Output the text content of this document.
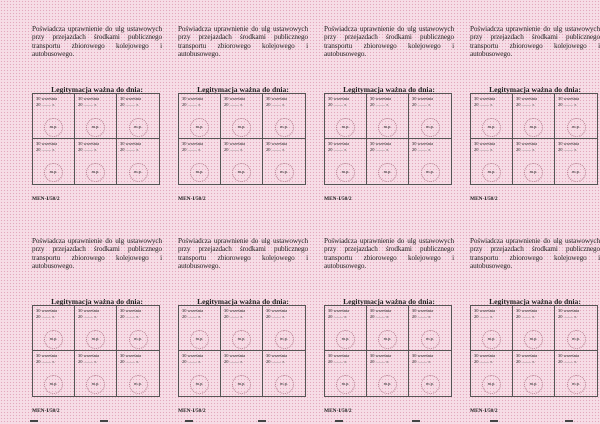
Poświadcza uprawnienie do ulg ustawowych przy przejazdach środkami publicznego transportu zbiorowego kolejowego i autobusowego.
Legitymacja ważna do dnia:
30 września
20 ......... r.
m.p.
30 września
20 ......... r.
m.p.
30 września
20 ......... r.
m.p.
30 września
20 ......... r.
m.p.
30 września
20 ......... r.
m.p.
30 września
20 ......... r.
m.p.
MEN-I/50/2
Poświadcza uprawnienie do ulg ustawowych przy przejazdach środkami publicznego transportu zbiorowego kolejowego i autobusowego.
Legitymacja ważna do dnia:
30 września
20 ......... r.
m.p.
30 września
20 ......... r.
m.p.
30 września
20 ......... r.
m.p.
30 września
20 ......... r.
m.p.
30 września
20 ......... r.
m.p.
30 września
20 ......... r.
m.p.
MEN-I/50/2
Poświadcza uprawnienie do ulg ustawowych przy przejazdach środkami publicznego transportu zbiorowego kolejowego i autobusowego.
Legitymacja ważna do dnia:
30 września
20 ......... r.
m.p.
30 września
20 ......... r.
m.p.
30 września
20 ......... r.
m.p.
30 września
20 ......... r.
m.p.
30 września
20 ......... r.
m.p.
30 września
20 ......... r.
m.p.
MEN-I/50/2
Poświadcza uprawnienie do ulg ustawowych przy przejazdach środkami publicznego transportu zbiorowego kolejowego i autobusowego.
Legitymacja ważna do dnia:
30 września
20 ......... r.
m.p.
30 września
20 ......... r.
m.p.
30 września
20 ......... r.
m.p.
30 września
20 ......... r.
m.p.
30 września
20 ......... r.
m.p.
30 września
20 ......... r.
m.p.
MEN-I/50/2
Poświadcza uprawnienie do ulg ustawowych przy przejazdach środkami publicznego transportu zbiorowego kolejowego i autobusowego.
Legitymacja ważna do dnia:
30 września
20 ......... r.
m.p.
30 września
20 ......... r.
m.p.
30 września
20 ......... r.
m.p.
30 września
20 ......... r.
m.p.
30 września
20 ......... r.
m.p.
30 września
20 ......... r.
m.p.
MEN-I/50/2
Poświadcza uprawnienie do ulg ustawowych przy przejazdach środkami publicznego transportu zbiorowego kolejowego i autobusowego.
Legitymacja ważna do dnia:
30 września
20 ......... r.
m.p.
30 września
20 ......... r.
m.p.
30 września
20 ......... r.
m.p.
30 września
20 ......... r.
m.p.
30 września
20 ......... r.
m.p.
30 września
20 ......... r.
m.p.
MEN-I/50/2
Poświadcza uprawnienie do ulg ustawowych przy przejazdach środkami publicznego transportu zbiorowego kolejowego i autobusowego.
Legitymacja ważna do dnia:
30 września
20 ......... r.
m.p.
30 września
20 ......... r.
m.p.
30 września
20 ......... r.
m.p.
30 września
20 ......... r.
m.p.
30 września
20 ......... r.
m.p.
30 września
20 ......... r.
m.p.
MEN-I/50/2
Poświadcza uprawnienie do ulg ustawowych przy przejazdach środkami publicznego transportu zbiorowego kolejowego i autobusowego.
Legitymacja ważna do dnia:
30 września
20 ......... r.
m.p.
30 września
20 ......... r.
m.p.
30 września
20 ......... r.
m.p.
30 września
20 ......... r.
m.p.
30 września
20 ......... r.
m.p.
30 września
20 ......... r.
m.p.
MEN-I/50/2
